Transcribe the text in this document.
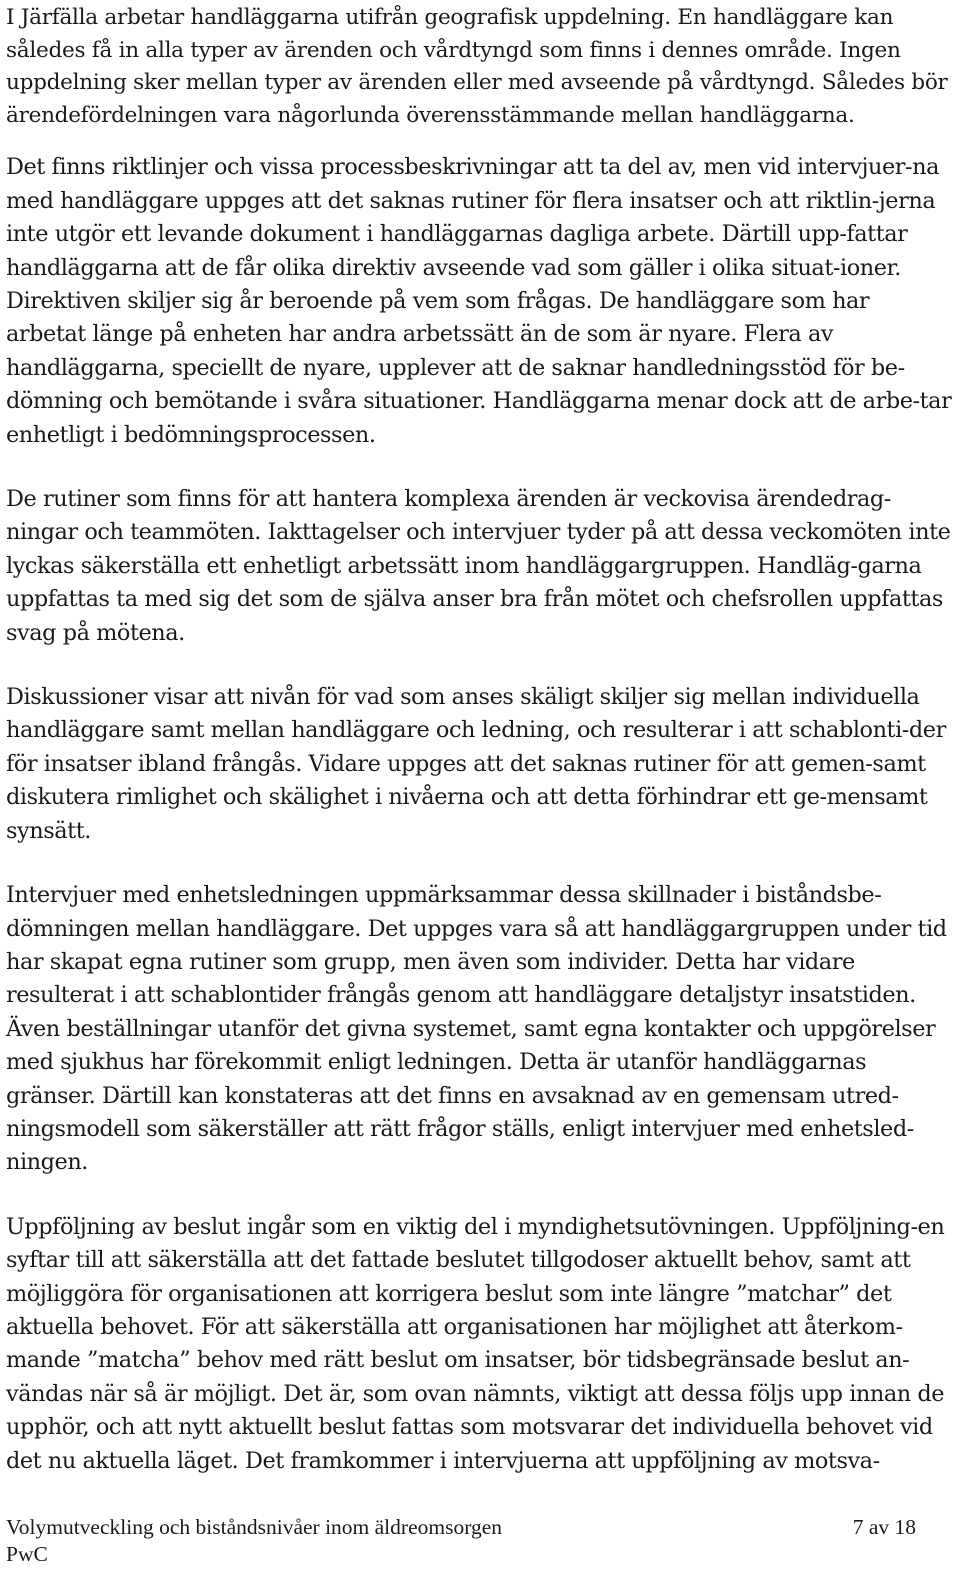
I Järfälla arbetar handläggarna utifrån geografisk uppdelning. En handläggare kan således få in alla typer av ärenden och vårdtyngd som finns i dennes område. Ingen uppdelning sker mellan typer av ärenden eller med avseende på vårdtyngd. Således bör ärendefördelningen vara någorlunda överensstämmande mellan handläggarna.

Det finns riktlinjer och vissa processbeskrivningar att ta del av, men vid intervjuer-na med handläggare uppges att det saknas rutiner för flera insatser och att riktlin-jerna inte utgör ett levande dokument i handläggarnas dagliga arbete. Därtill upp-fattar handläggarna att de får olika direktiv avseende vad som gäller i olika situat-ioner. Direktiven skiljer sig år beroende på vem som frågas. De handläggare som har arbetat länge på enheten har andra arbetssätt än de som är nyare. Flera av handläggarna, speciellt de nyare, upplever att de saknar handledningsstöd för be-dömning och bemötande i svåra situationer. Handläggarna menar dock att de arbe-tar enhetligt i bedömningsprocessen.

De rutiner som finns för att hantera komplexa ärenden är veckovisa ärendedrag-ningar och teammöten. Iakttagelser och intervjuer tyder på att dessa veckomöten inte lyckas säkerställa ett enhetligt arbetssätt inom handläggargruppen. Handläg-garna uppfattas ta med sig det som de själva anser bra från mötet och chefsrollen uppfattas svag på mötena.

Diskussioner visar att nivån för vad som anses skäligt skiljer sig mellan individuella handläggare samt mellan handläggare och ledning, och resulterar i att schablonti-der för insatser ibland frångås. Vidare uppges att det saknas rutiner för att gemen-samt diskutera rimlighet och skälighet i nivåerna och att detta förhindrar ett ge-mensamt synsätt.

Intervjuer med enhetsledningen uppmärksammar dessa skillnader i biståndsbe-dömningen mellan handläggare. Det uppges vara så att handläggargruppen under tid har skapat egna rutiner som grupp, men även som individer. Detta har vidare resulterat i att schablontider frångås genom att handläggare detaljstyr insatstiden. Även beställningar utanför det givna systemet, samt egna kontakter och uppgörelser med sjukhus har förekommit enligt ledningen. Detta är utanför handläggarnas gränser. Därtill kan konstateras att det finns en avsaknad av en gemensam utred-ningsmodell som säkerställer att rätt frågor ställs, enligt intervjuer med enhetsled-ningen.

Uppföljning av beslut ingår som en viktig del i myndighetsutövningen. Uppföljning-en syftar till att säkerställa att det fattade beslutet tillgodoser aktuellt behov, samt att möjliggöra för organisationen att korrigera beslut som inte längre ”matchar” det aktuella behovet. För att säkerställa att organisationen har möjlighet att återkom-mande ”matcha” behov med rätt beslut om insatser, bör tidsbegränsade beslut an-vändas när så är möjligt. Det är, som ovan nämnts, viktigt att dessa följs upp innan de upphör, och att nytt aktuellt beslut fattas som motsvarar det individuella behovet vid det nu aktuella läget. Det framkommer i intervjuerna att uppföljning av motsva-

Volymutveckling och biståndsnivåer inom äldreomsorgen	7 av 18
PwC
